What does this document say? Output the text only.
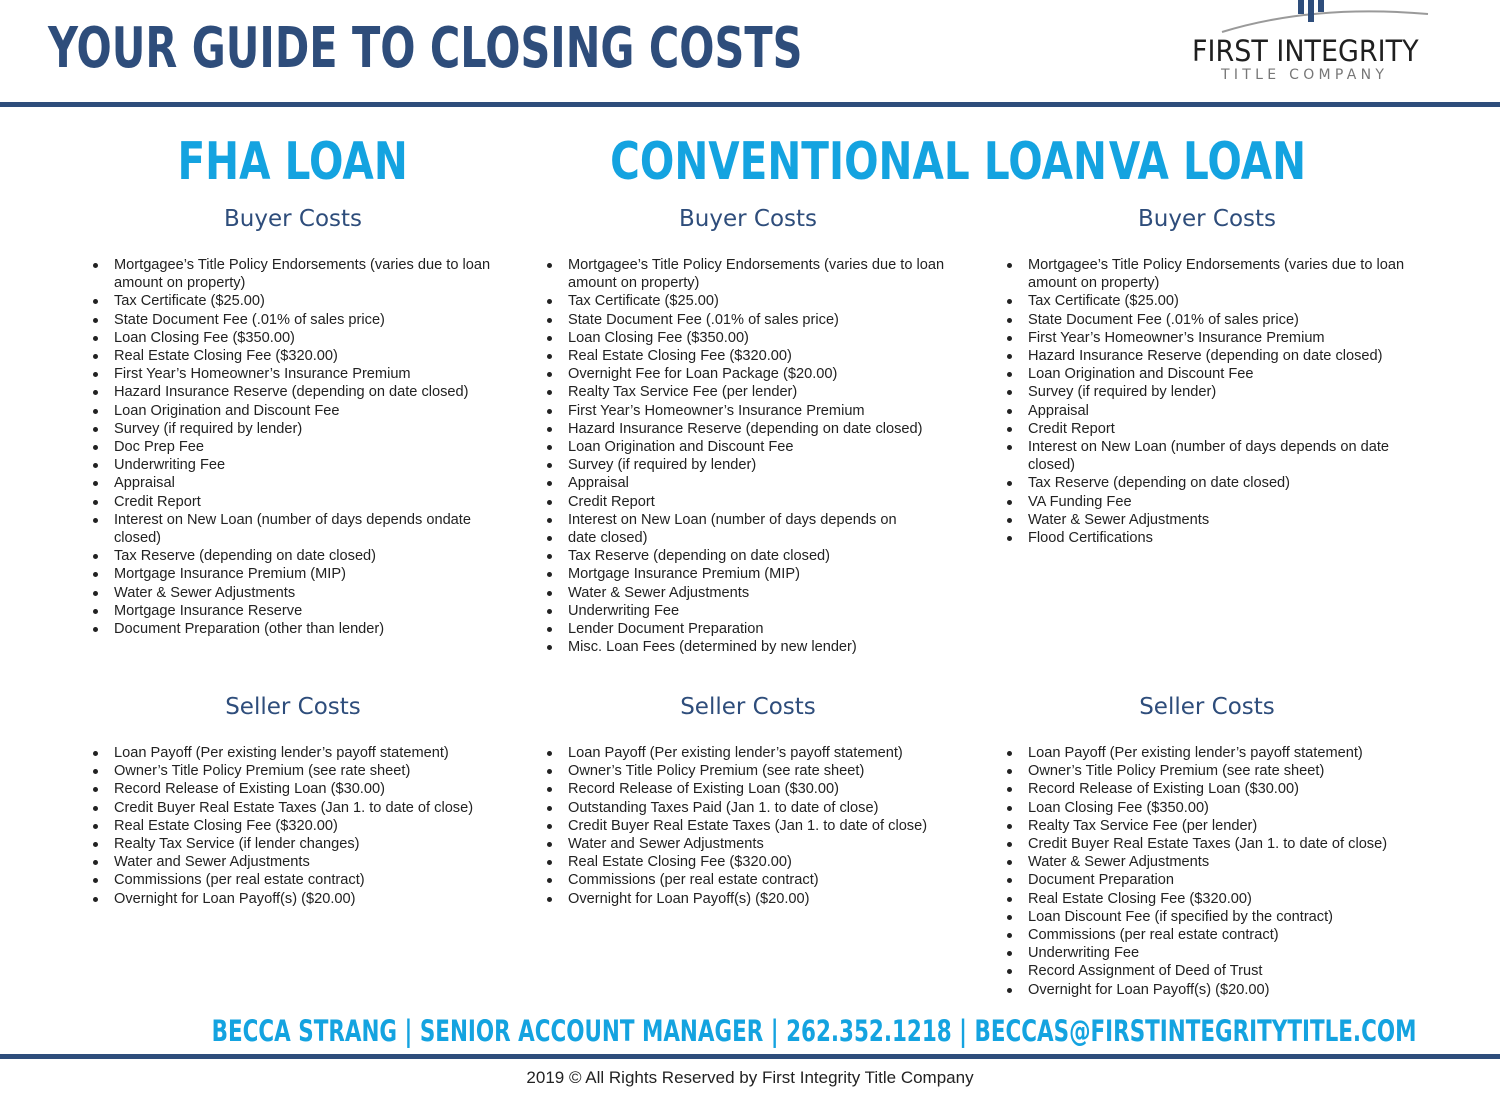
YOUR GUIDE TO CLOSING COSTS	FIRST INTEGRITY
TITLE COMPANY
FHA LOAN
Buyer Costs
Mortgagee’s Title Policy Endorsements (varies due to loan amount on property)
Tax Certificate ($25.00)
State Document Fee (.01% of sales price)
Loan Closing Fee ($350.00)
Real Estate Closing Fee ($320.00)
First Year’s Homeowner’s Insurance Premium
Hazard Insurance Reserve (depending on date closed)
Loan Origination and Discount Fee
Survey (if required by lender)
Doc Prep Fee
Underwriting Fee
Appraisal
Credit Report
Interest on New Loan (number of days depends ondate closed)
Tax Reserve (depending on date closed)
Mortgage Insurance Premium (MIP)
Water & Sewer Adjustments
Mortgage Insurance Reserve
Document Preparation (other than lender)
Seller Costs
Loan Payoff (Per existing lender’s payoff statement)
Owner’s Title Policy Premium (see rate sheet)
Record Release of Existing Loan ($30.00)
Credit Buyer Real Estate Taxes (Jan 1. to date of close)
Real Estate Closing Fee ($320.00)
Realty Tax Service (if lender changes)
Water and Sewer Adjustments
Commissions (per real estate contract)
Overnight for Loan Payoff(s) ($20.00)
CONVENTIONAL LOAN
Buyer Costs
Mortgagee’s Title Policy Endorsements (varies due to loan amount on property)
Tax Certificate ($25.00)
State Document Fee (.01% of sales price)
Loan Closing Fee ($350.00)
Real Estate Closing Fee ($320.00)
Overnight Fee for Loan Package ($20.00)
Realty Tax Service Fee (per lender)
First Year’s Homeowner’s Insurance Premium
Hazard Insurance Reserve (depending on date closed)
Loan Origination and Discount Fee
Survey (if required by lender)
Appraisal
Credit Report
Interest on New Loan (number of days depends on
date closed)
Tax Reserve (depending on date closed)
Mortgage Insurance Premium (MIP)
Water & Sewer Adjustments
Underwriting Fee
Lender Document Preparation
Misc. Loan Fees (determined by new lender)
Seller Costs
Loan Payoff (Per existing lender’s payoff statement)
Owner’s Title Policy Premium (see rate sheet)
Record Release of Existing Loan ($30.00)
Outstanding Taxes Paid (Jan 1. to date of close)
Credit Buyer Real Estate Taxes (Jan 1. to date of close)
Water and Sewer Adjustments
Real Estate Closing Fee ($320.00)
Commissions (per real estate contract)
Overnight for Loan Payoff(s) ($20.00)
VA LOAN
Buyer Costs
Mortgagee’s Title Policy Endorsements (varies due to loan amount on property)
Tax Certificate ($25.00)
State Document Fee (.01% of sales price)
First Year’s Homeowner’s Insurance Premium
Hazard Insurance Reserve (depending on date closed)
Loan Origination and Discount Fee
Survey (if required by lender)
Appraisal
Credit Report
Interest on New Loan (number of days depends on date closed)
Tax Reserve (depending on date closed)
VA Funding Fee
Water & Sewer Adjustments
Flood Certifications
Seller Costs
Loan Payoff (Per existing lender’s payoff statement)
Owner’s Title Policy Premium (see rate sheet)
Record Release of Existing Loan ($30.00)
Loan Closing Fee ($350.00)
Realty Tax Service Fee (per lender)
Credit Buyer Real Estate Taxes (Jan 1. to date of close)
Water & Sewer Adjustments
Document Preparation
Real Estate Closing Fee ($320.00)
Loan Discount Fee (if specified by the contract)
Commissions (per real estate contract)
Underwriting Fee
Record Assignment of Deed of Trust
Overnight for Loan Payoff(s) ($20.00)
BECCA STRANG | SENIOR ACCOUNT MANAGER | 262.352.1218 | BECCAS@FIRSTINTEGRITYTITLE.COM
2019 © All Rights Reserved by First Integrity Title Company
